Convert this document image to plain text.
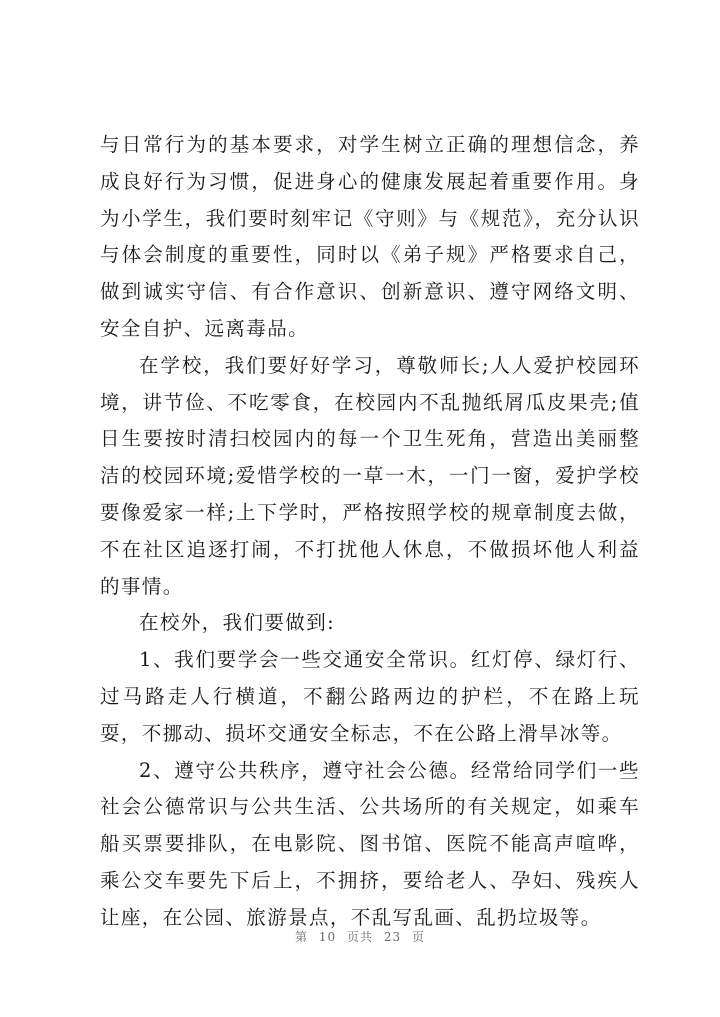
与日常行为的基本要求，对学生树立正确的理想信念，养成良好行为习惯，促进身心的健康发展起着重要作用。身为小学生，我们要时刻牢记《守则》与《规范》，充分认识与体会制度的重要性，同时以《弟子规》严格要求自己，做到诚实守信、有合作意识、创新意识、遵守网络文明、安全自护、远离毒品。

在学校，我们要好好学习，尊敬师长;人人爱护校园环境，讲节俭、不吃零食，在校园内不乱抛纸屑瓜皮果壳;值日生要按时清扫校园内的每一个卫生死角，营造出美丽整洁的校园环境;爱惜学校的一草一木，一门一窗，爱护学校要像爱家一样;上下学时，严格按照学校的规章制度去做，不在社区追逐打闹，不打扰他人休息，不做损坏他人利益的事情。

在校外，我们要做到:

1、我们要学会一些交通安全常识。红灯停、绿灯行、过马路走人行横道，不翻公路两边的护栏，不在路上玩耍，不挪动、损坏交通安全标志，不在公路上滑旱冰等。

2、遵守公共秩序，遵守社会公德。经常给同学们一些社会公德常识与公共生活、公共场所的有关规定，如乘车船买票要排队，在电影院、图书馆、医院不能高声喧哗，乘公交车要先下后上，不拥挤，要给老人、孕妇、残疾人让座，在公园、旅游景点，不乱写乱画、乱扔垃圾等。

第 10 页共 23 页
